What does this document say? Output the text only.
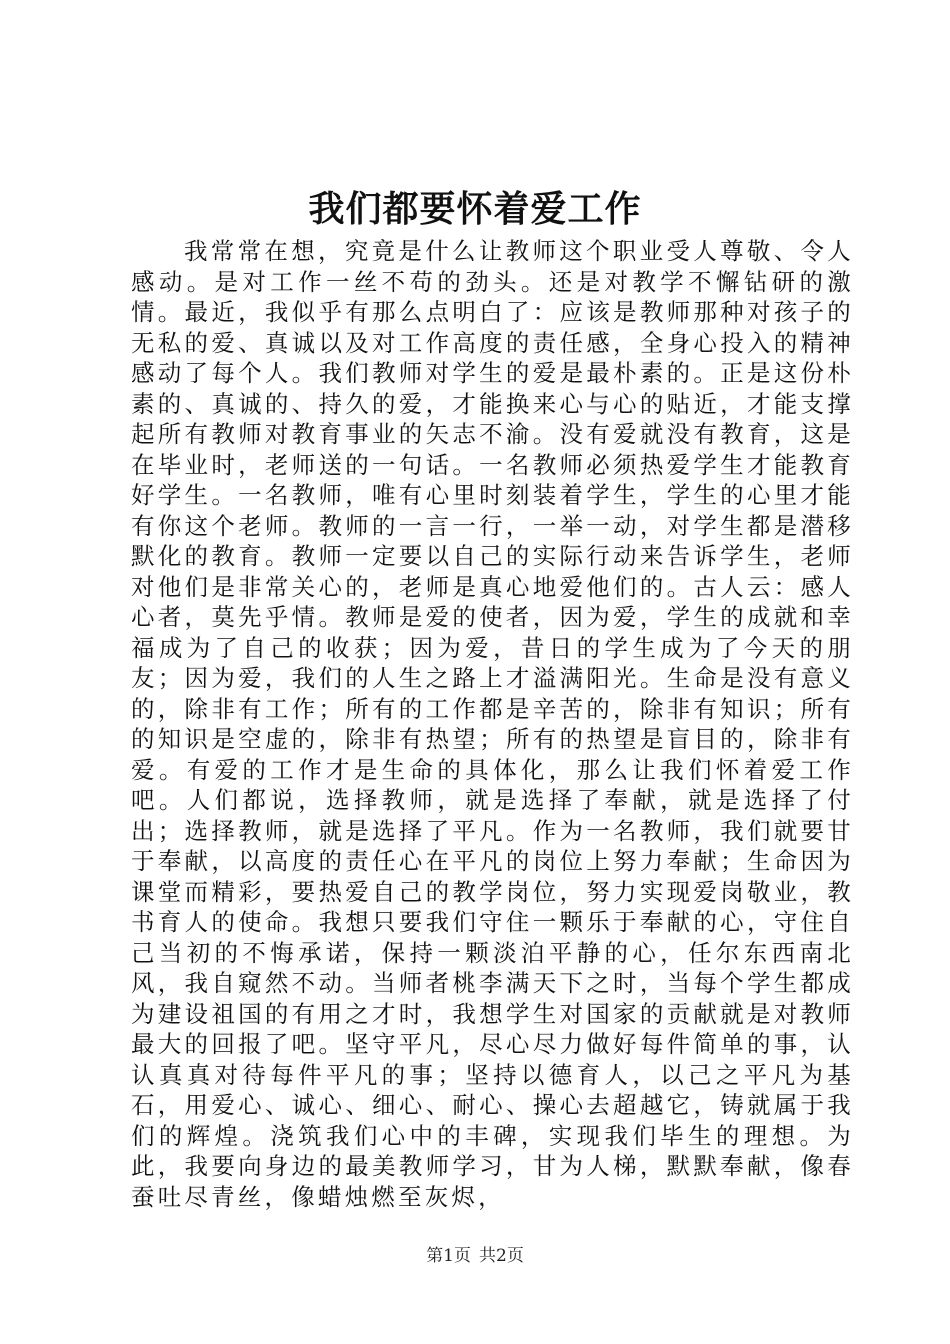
我们都要怀着爱工作

我常常在想，究竟是什么让教师这个职业受人尊敬、令人感动。是对工作一丝不苟的劲头。还是对教学不懈钻研的激情。最近，我似乎有那么点明白了：应该是教师那种对孩子的无私的爱、真诚以及对工作高度的责任感，全身心投入的精神感动了每个人。我们教师对学生的爱是最朴素的。正是这份朴素的、真诚的、持久的爱，才能换来心与心的贴近，才能支撑起所有教师对教育事业的矢志不渝。没有爱就没有教育，这是在毕业时，老师送的一句话。一名教师必须热爱学生才能教育好学生。一名教师，唯有心里时刻装着学生，学生的心里才能有你这个老师。教师的一言一行，一举一动，对学生都是潜移默化的教育。教师一定要以自己的实际行动来告诉学生，老师对他们是非常关心的，老师是真心地爱他们的。古人云：感人心者，莫先乎情。教师是爱的使者，因为爱，学生的成就和幸福成为了自己的收获；因为爱，昔日的学生成为了今天的朋友；因为爱，我们的人生之路上才溢满阳光。生命是没有意义的，除非有工作；所有的工作都是辛苦的，除非有知识；所有的知识是空虚的，除非有热望；所有的热望是盲目的，除非有爱。有爱的工作才是生命的具体化，那么让我们怀着爱工作吧。人们都说，选择教师，就是选择了奉献，就是选择了付出；选择教师，就是选择了平凡。作为一名教师，我们就要甘于奉献，以高度的责任心在平凡的岗位上努力奉献；生命因为课堂而精彩，要热爱自己的教学岗位，努力实现爱岗敬业，教书育人的使命。我想只要我们守住一颗乐于奉献的心，守住自己当初的不悔承诺，保持一颗淡泊平静的心，任尔东西南北风，我自窥然不动。当师者桃李满天下之时，当每个学生都成为建设祖国的有用之才时，我想学生对国家的贡献就是对教师最大的回报了吧。坚守平凡，尽心尽力做好每件简单的事，认认真真对待每件平凡的事；坚持以德育人，以己之平凡为基石，用爱心、诚心、细心、耐心、操心去超越它，铸就属于我们的辉煌。浇筑我们心中的丰碑，实现我们毕生的理想。为此，我要向身边的最美教师学习，甘为人梯，默默奉献，像春蚕吐尽青丝，像蜡烛燃至灰烬，

第1页 共2页
